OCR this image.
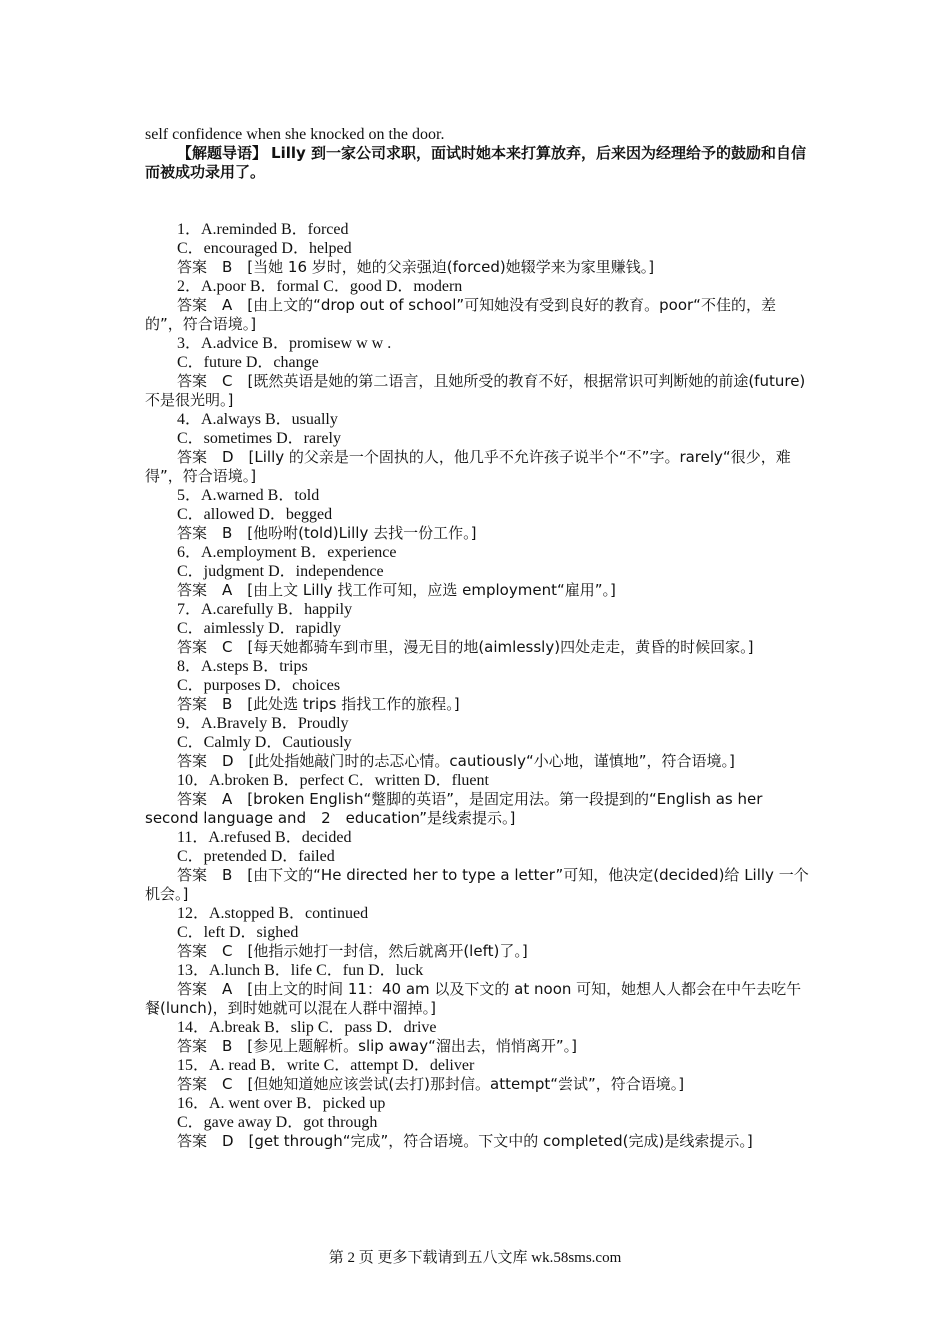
self confidence when she knocked on the door.
【解题导语】 Lilly 到一家公司求职，面试时她本来打算放弃，后来因为经理给予的鼓励和自信而被成功录用了。
1．A.reminded B．forced
C．encouraged D．helped
答案　B　[当她 16 岁时，她的父亲强迫(forced)她辍学来为家里赚钱。]
2．A.poor B．formal C．good D．modern
答案　A　[由上文的“drop out of school”可知她没有受到良好的教育。poor“不佳的，差的”，符合语境。]
3．A.advice B．promisew w w .
C．future D．change
答案　C　[既然英语是她的第二语言，且她所受的教育不好，根据常识可判断她的前途(future)不是很光明。]
4．A.always B．usually
C．sometimes D．rarely
答案　D　[Lilly 的父亲是一个固执的人，他几乎不允许孩子说半个“不”字。rarely“很少，难得”，符合语境。]
5．A.warned B．told
C．allowed D．begged
答案　B　[他吩咐(told)Lilly 去找一份工作。]
6．A.employment B．experience
C．judgment D．independence
答案　A　[由上文 Lilly 找工作可知，应选 employment“雇用”。]
7．A.carefully B．happily
C．aimlessly D．rapidly
答案　C　[每天她都骑车到市里，漫无目的地(aimlessly)四处走走，黄昏的时候回家。]
8．A.steps B．trips
C．purposes D．choices
答案　B　[此处选 trips 指找工作的旅程。]
9．A.Bravely B．Proudly
C．Calmly D．Cautiously
答案　D　[此处指她敲门时的忐忑心情。cautiously“小心地，谨慎地”，符合语境。]
10．A.broken B．perfect C．written D．fluent
答案　A　[broken English“蹩脚的英语”，是固定用法。第一段提到的“English as her second language and　2　education”是线索提示。]
11．A.refused B．decided
C．pretended D．failed
答案　B　[由下文的“He directed her to type a letter”可知，他决定(decided)给 Lilly 一个机会。]
12．A.stopped B．continued
C．left D．sighed
答案　C　[他指示她打一封信，然后就离开(left)了。]
13．A.lunch B．life C．fun D．luck
答案　A　[由上文的时间 11：40 am 以及下文的 at noon 可知，她想人人都会在中午去吃午餐(lunch)，到时她就可以混在人群中溜掉。]
14．A.break B．slip C．pass D．drive
答案　B　[参见上题解析。slip away“溜出去，悄悄离开”。]
15．A. read B．write C．attempt D．deliver
答案　C　[但她知道她应该尝试(去打)那封信。attempt“尝试”，符合语境。]
16．A. went over B．picked up
C．gave away D．got through
答案　D　[get through“完成”，符合语境。下文中的 completed(完成)是线索提示。]
第 2 页 更多下载请到五八文库 wk.58sms.com
